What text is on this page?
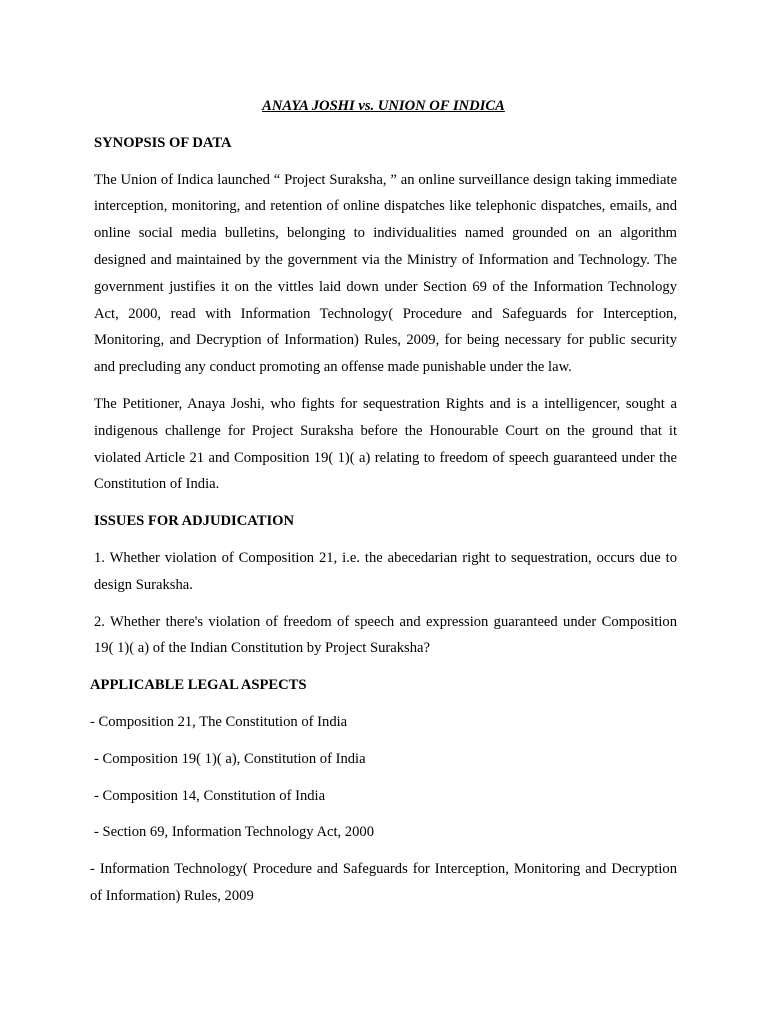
ANAYA JOSHI vs. UNION OF INDICA
SYNOPSIS OF DATA
The Union of Indica launched “ Project Suraksha, ” an online surveillance design taking immediate interception, monitoring, and retention of online dispatches like telephonic dispatches, emails, and online social media bulletins, belonging to individualities named grounded on an algorithm designed and maintained by the government via the Ministry of Information and Technology. The government justifies it on the vittles laid down under Section 69 of the Information Technology Act, 2000, read with Information Technology( Procedure and Safeguards for Interception, Monitoring, and Decryption of Information) Rules, 2009, for being necessary for public security and precluding any conduct promoting an offense made punishable under the law.
The Petitioner, Anaya Joshi, who fights for sequestration Rights and is a intelligencer, sought a indigenous challenge for Project Suraksha before the Honourable Court on the ground that it violated Article 21 and Composition 19( 1)( a) relating to freedom of speech guaranteed under the Constitution of India.
ISSUES FOR ADJUDICATION
1. Whether violation of Composition 21, i.e. the abecedarian right to sequestration, occurs due to design Suraksha.
2. Whether there's violation of freedom of speech and expression guaranteed under Composition 19( 1)( a) of the Indian Constitution by Project Suraksha?
APPLICABLE LEGAL ASPECTS
- Composition 21, The Constitution of India
- Composition 19( 1)( a), Constitution of India
- Composition 14, Constitution of India
- Section 69, Information Technology Act, 2000
- Information Technology( Procedure and Safeguards for Interception, Monitoring and Decryption of Information) Rules, 2009
